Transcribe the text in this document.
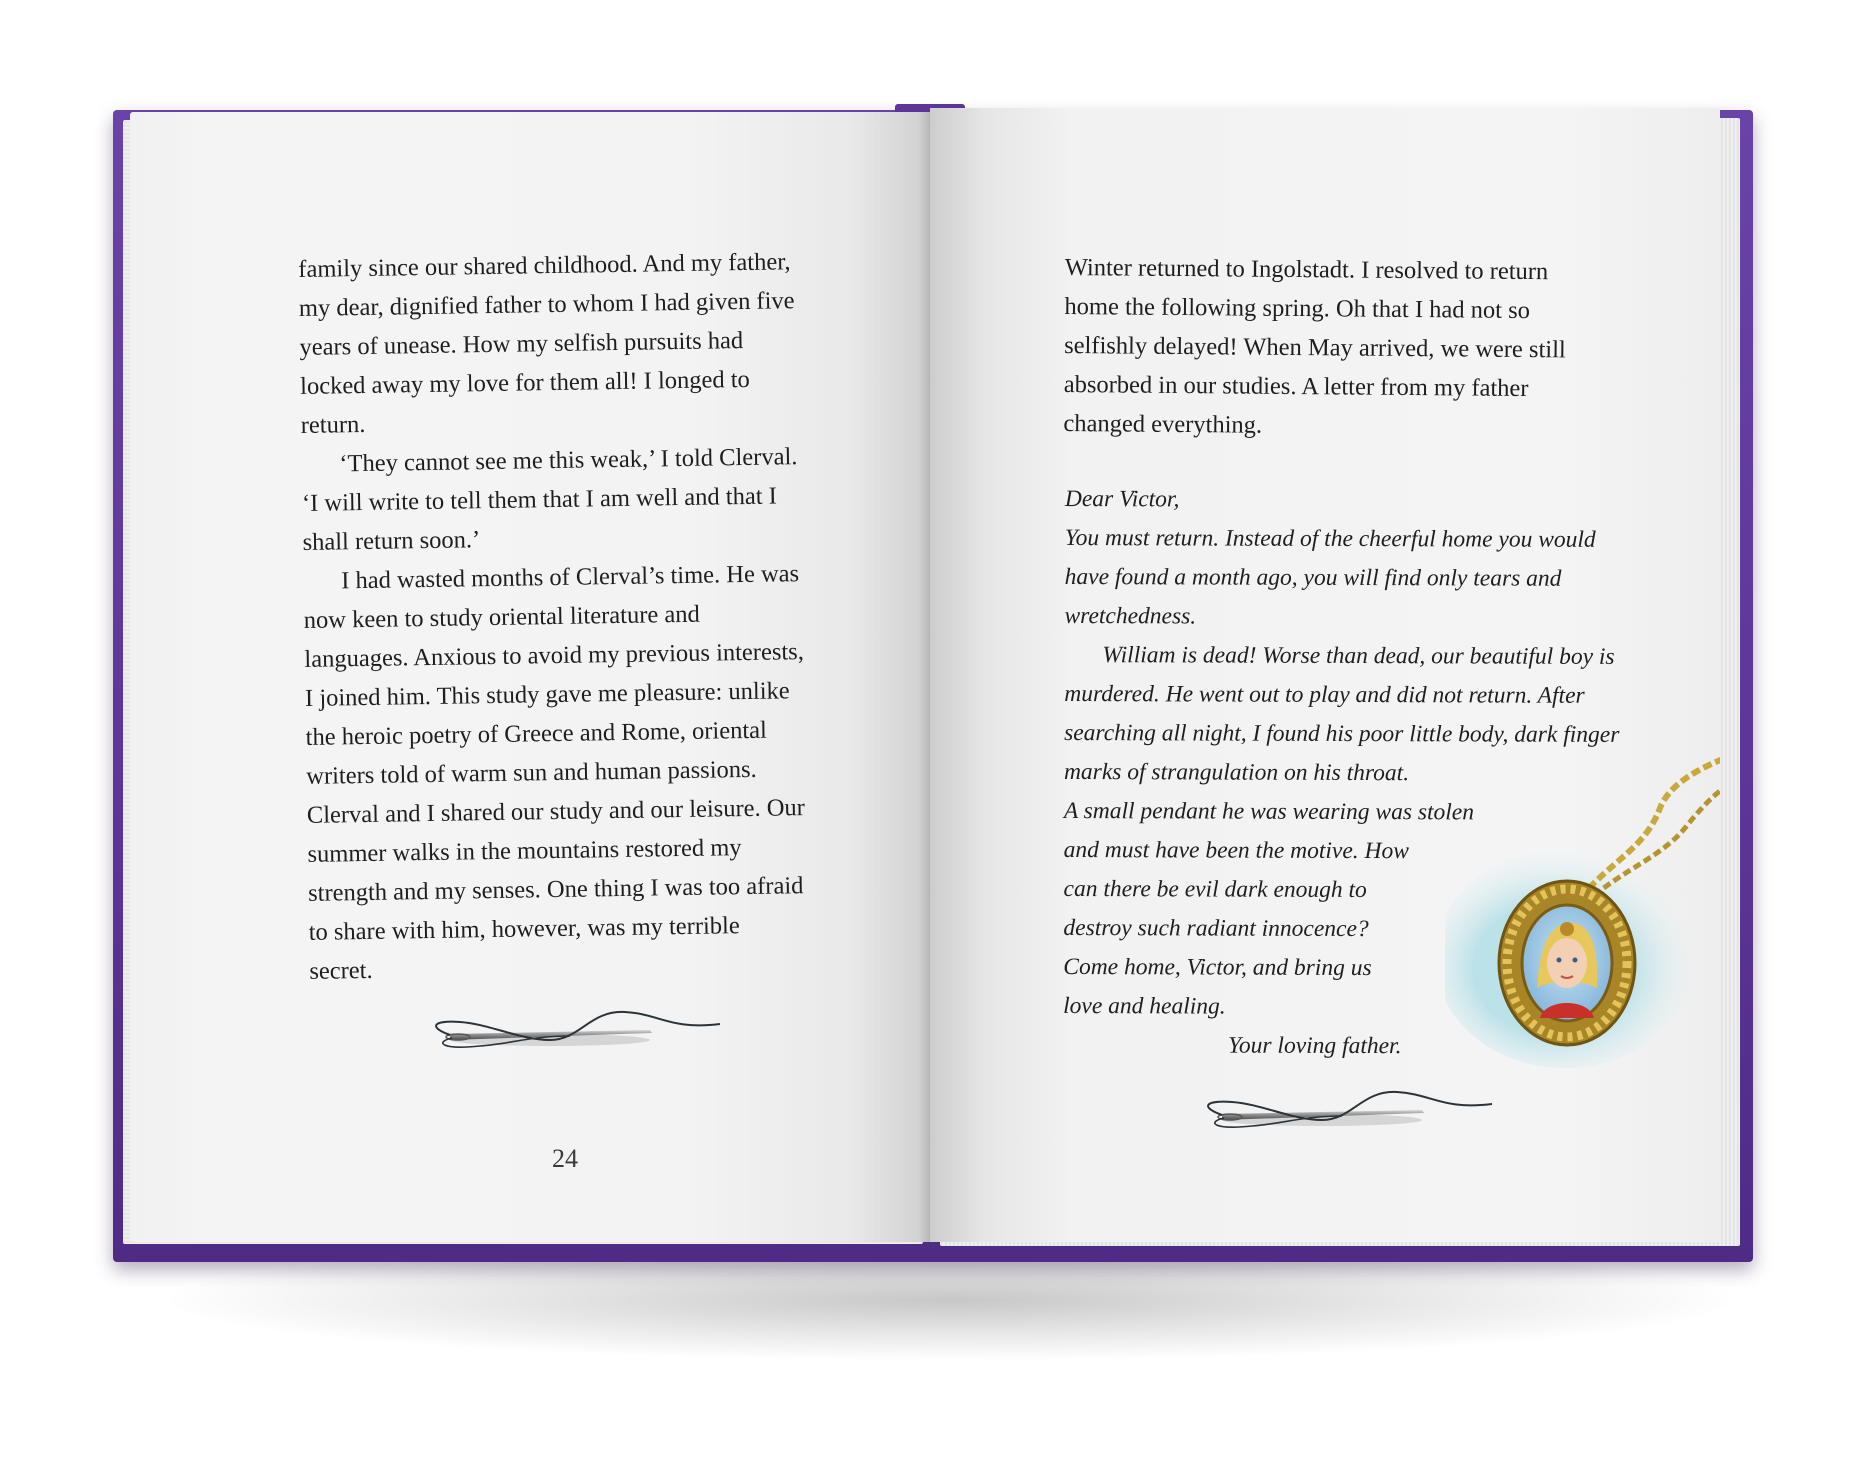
family since our shared childhood. And my father, my dear, dignified father to whom I had given five years of unease. How my selfish pursuits had locked away my love for them all! I longed to return.

‘They cannot see me this weak,’ I told Clerval. ‘I will write to tell them that I am well and that I shall return soon.’

I had wasted months of Clerval’s time. He was now keen to study oriental literature and languages. Anxious to avoid my previous interests, I joined him. This study gave me pleasure: unlike the heroic poetry of Greece and Rome, oriental writers told of warm sun and human passions. Clerval and I shared our study and our leisure. Our summer walks in the mountains restored my strength and my senses. One thing I was too afraid to share with him, however, was my terrible secret.

24

Winter returned to Ingolstadt. I resolved to return home the following spring. Oh that I had not so selfishly delayed! When May arrived, we were still absorbed in our studies. A letter from my father changed everything.

Dear Victor,

You must return. Instead of the cheerful home you would have found a month ago, you will find only tears and wretchedness.

William is dead! Worse than dead, our beautiful boy is murdered. He went out to play and did not return. After searching all night, I found his poor little body, dark finger marks of strangulation on his throat.

A small pendant he was wearing was stolen

and must have been the motive. How

can there be evil dark enough to

destroy such radiant innocence?

Come home, Victor, and bring us

love and healing.

Your loving father.
